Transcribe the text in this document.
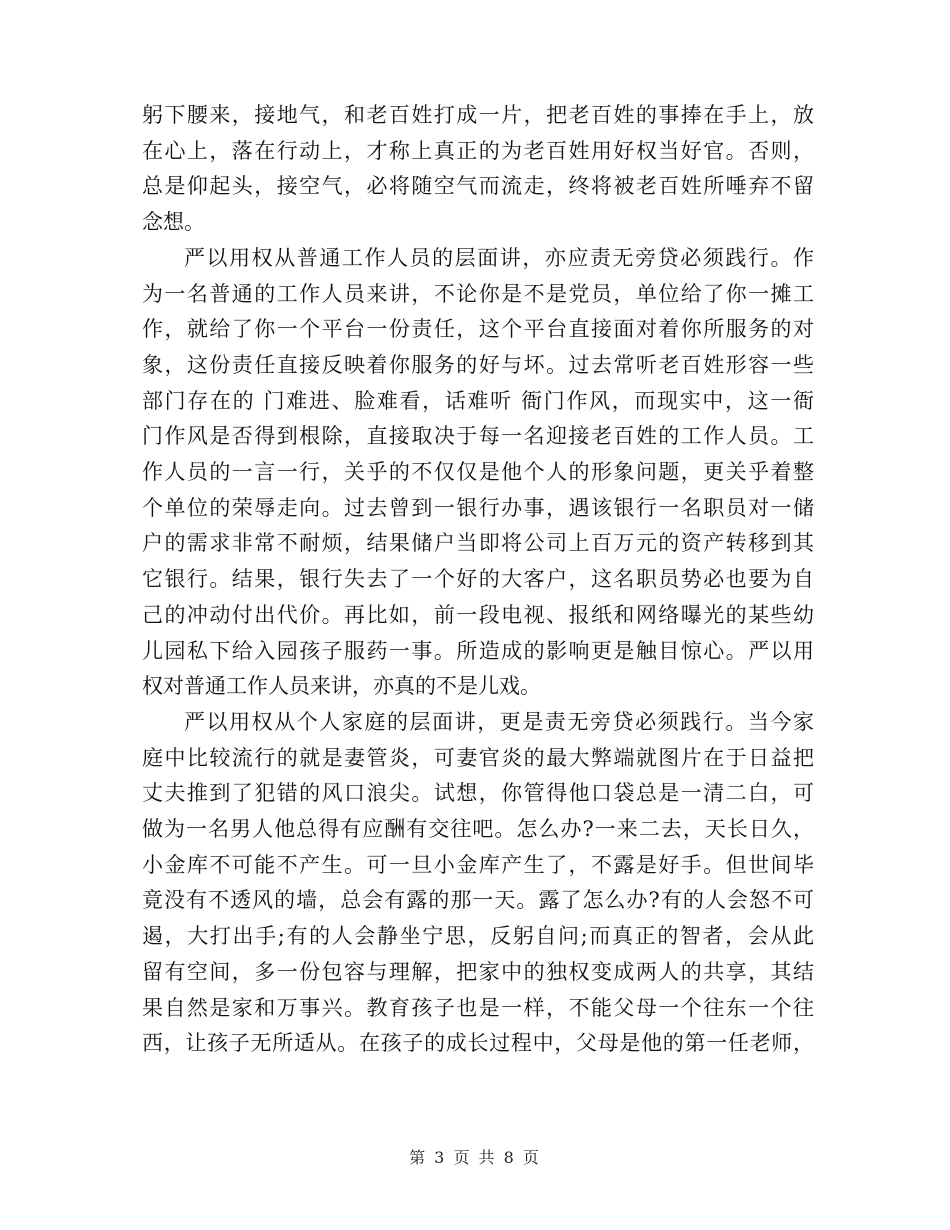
躬下腰来，接地气，和老百姓打成一片，把老百姓的事捧在手上，放
在心上，落在行动上，才称上真正的为老百姓用好权当好官。否则，
总是仰起头，接空气，必将随空气而流走，终将被老百姓所唾弃不留
念想。
严以用权从普通工作人员的层面讲，亦应责无旁贷必须践行。作
为一名普通的工作人员来讲，不论你是不是党员，单位给了你一摊工
作，就给了你一个平台一份责任，这个平台直接面对着你所服务的对
象，这份责任直接反映着你服务的好与坏。过去常听老百姓形容一些
部门存在的 门难进、脸难看，话难听 衙门作风，而现实中，这一衙
门作风是否得到根除，直接取决于每一名迎接老百姓的工作人员。工
作人员的一言一行，关乎的不仅仅是他个人的形象问题，更关乎着整
个单位的荣辱走向。过去曾到一银行办事，遇该银行一名职员对一储
户的需求非常不耐烦，结果储户当即将公司上百万元的资产转移到其
它银行。结果，银行失去了一个好的大客户，这名职员势必也要为自
己的冲动付出代价。再比如，前一段电视、报纸和网络曝光的某些幼
儿园私下给入园孩子服药一事。所造成的影响更是触目惊心。严以用
权对普通工作人员来讲，亦真的不是儿戏。
严以用权从个人家庭的层面讲，更是责无旁贷必须践行。当今家
庭中比较流行的就是妻管炎，可妻官炎的最大弊端就图片在于日益把
丈夫推到了犯错的风口浪尖。试想，你管得他口袋总是一清二白，可
做为一名男人他总得有应酬有交往吧。怎么办?一来二去，天长日久，
小金库不可能不产生。可一旦小金库产生了，不露是好手。但世间毕
竟没有不透风的墙，总会有露的那一天。露了怎么办?有的人会怒不可
遏，大打出手;有的人会静坐宁思，反躬自问;而真正的智者，会从此
留有空间，多一份包容与理解，把家中的独权变成两人的共享，其结
果自然是家和万事兴。教育孩子也是一样，不能父母一个往东一个往
西，让孩子无所适从。在孩子的成长过程中，父母是他的第一任老师，
第 3 页 共 8 页
